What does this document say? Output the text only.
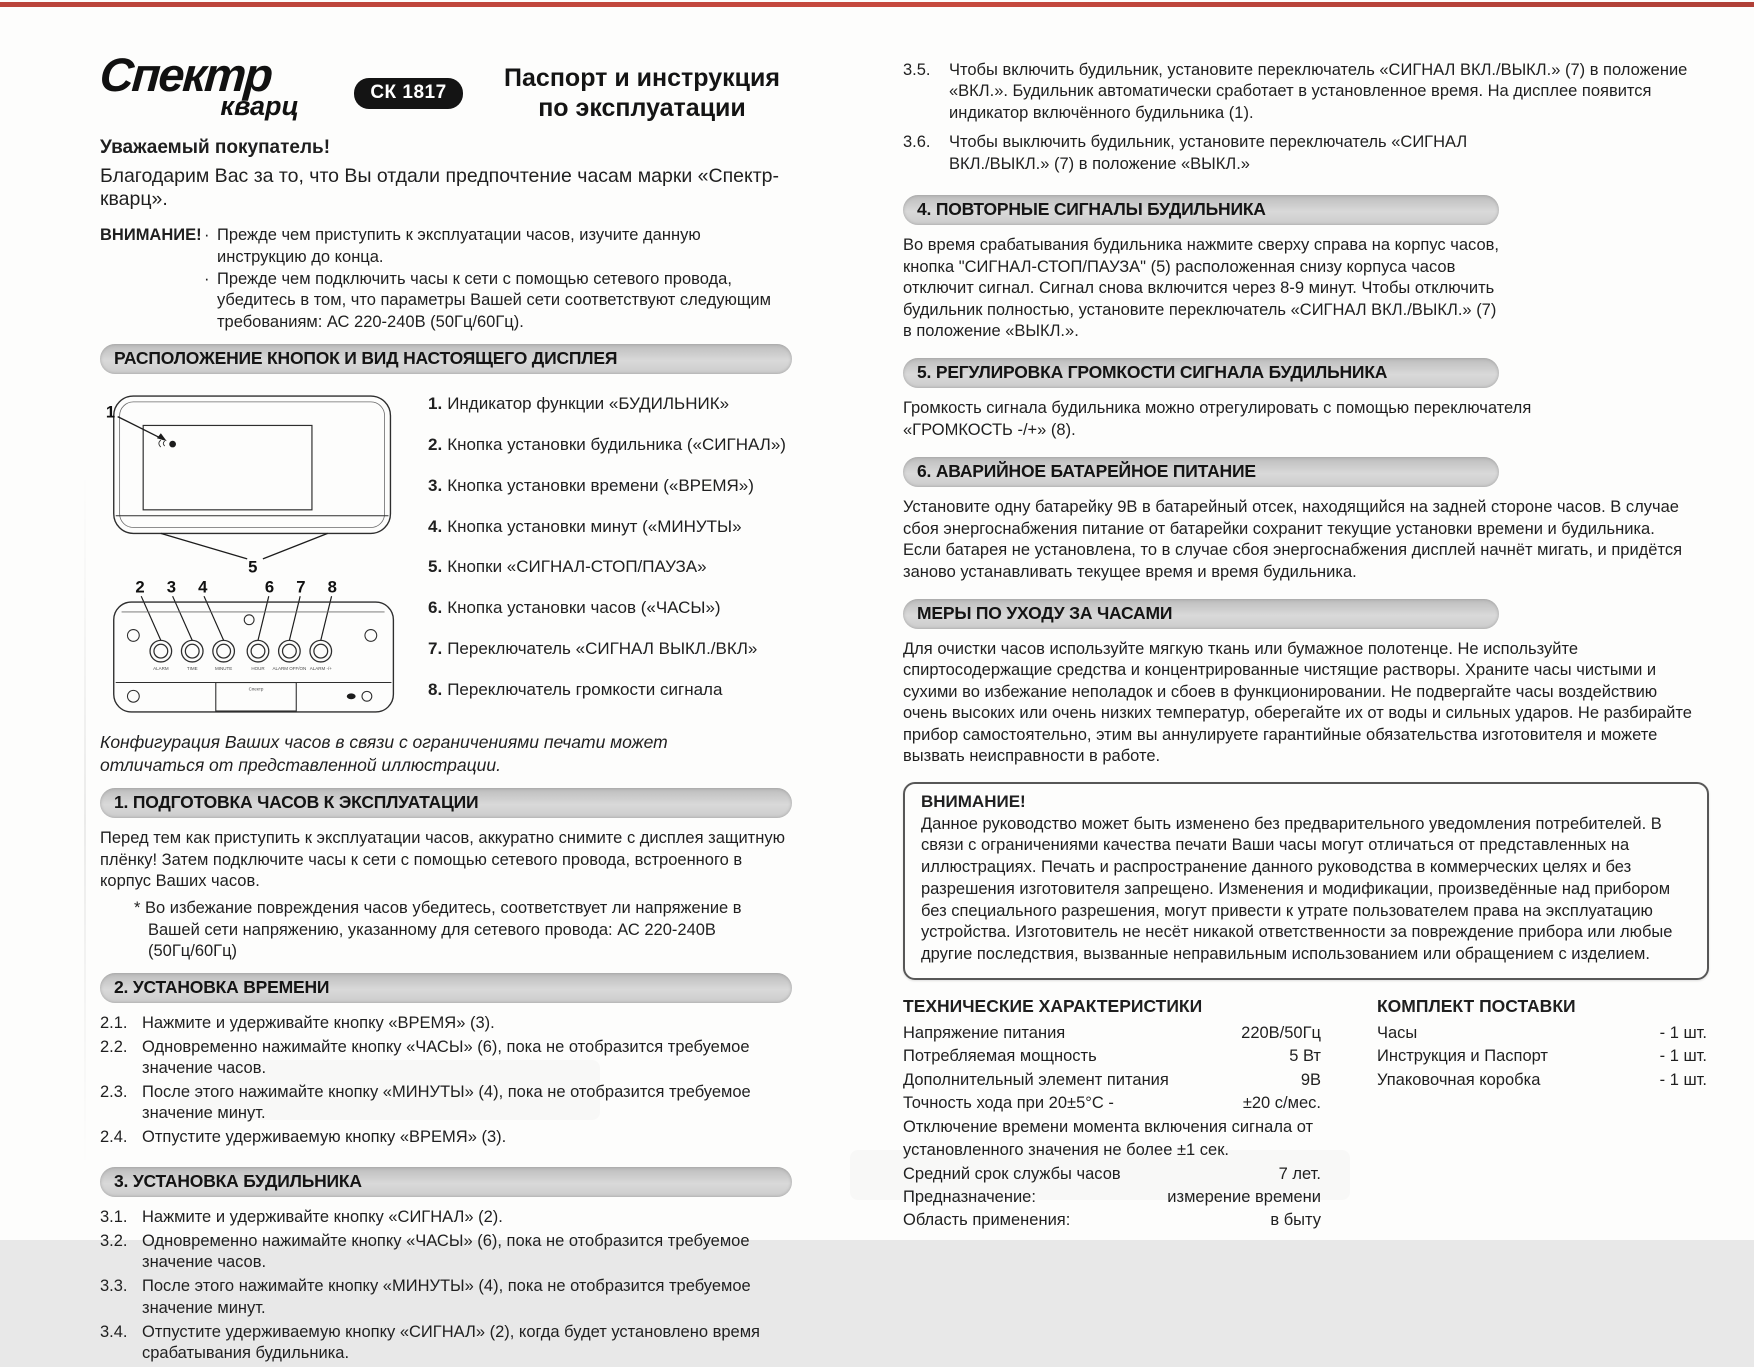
Спектр
кварц	СК 1817
Паспорт и инструкция
по эксплуатации
Уважаемый покупатель!
Благодарим Вас за то, что Вы отдали предпочтение часам марки «Спектр-кварц».
ВНИМАНИЕ! · Прежде чем приступить к эксплуатации часов, изучите данную инструкцию до конца.
· Прежде чем подключить часы к сети с помощью сетевого провода, убедитесь в том, что параметры Вашей сети соответствуют следующим требованиям: АС 220-240В (50Гц/60Гц).
РАСПОЛОЖЕНИЕ КНОПОК И ВИД НАСТОЯЩЕГО ДИСПЛЕЯ
1
5
2 3 4	6 7 8
ALARM	TIME	MINUTE	HOUR ALARM OFF/ON ALARM -/+
Спектр
1. Индикатор функции «БУДИЛЬНИК»
2. Кнопка установки будильника («СИГНАЛ»)
3. Кнопка установки времени («ВРЕМЯ»)
4. Кнопка установки минут («МИНУТЫ»
5. Кнопки «СИГНАЛ-СТОП/ПАУЗА»
6. Кнопка установки часов («ЧАСЫ»)
7. Переключатель «СИГНАЛ ВЫКЛ./ВКЛ»
8. Переключатель громкости сигнала
Конфигурация Ваших часов в связи с ограничениями печати может отличаться от представленной иллюстрации.
1. ПОДГОТОВКА ЧАСОВ К ЭКСПЛУАТАЦИИ
Перед тем как приступить к эксплуатации часов, аккуратно снимите с дисплея защитную плёнку! Затем подключите часы к сети с помощью сетевого провода, встроенного в корпус Ваших часов.
* Во избежание повреждения часов убедитесь, соответствует ли напряжение в Вашей сети напряжению, указанному для сетевого провода: АС 220-240В (50Гц/60Гц)
2. УСТАНОВКА ВРЕМЕНИ
2.1. Нажмите и удерживайте кнопку «ВРЕМЯ» (3).
2.2. Одновременно нажимайте кнопку «ЧАСЫ» (6), пока не отобразится требуемое значение часов.
2.3. После этого нажимайте кнопку «МИНУТЫ» (4), пока не отобразится требуемое значение минут.
2.4. Отпустите удерживаемую кнопку «ВРЕМЯ» (3).
3. УСТАНОВКА БУДИЛЬНИКА
3.1. Нажмите и удерживайте кнопку «СИГНАЛ» (2).
3.2. Одновременно нажимайте кнопку «ЧАСЫ» (6), пока не отобразится требуемое значение часов.
3.3. После этого нажимайте кнопку «МИНУТЫ» (4), пока не отобразится требуемое значение минут.
3.4. Отпустите удерживаемую кнопку «СИГНАЛ» (2), когда будет установлено время срабатывания будильника.
3.5.	Чтобы включить будильник, установите переключатель «СИГНАЛ ВКЛ./ВЫКЛ.» (7) в положение «ВКЛ.». Будильник автоматически сработает в установленное время. На дисплее появится индикатор включённого будильника (1).
3.6.	Чтобы выключить будильник, установите переключатель «СИГНАЛ ВКЛ./ВЫКЛ.» (7) в положение «ВЫКЛ.»
4. ПОВТОРНЫЕ СИГНАЛЫ БУДИЛЬНИКА
Во время срабатывания будильника нажмите сверху справа на корпус часов, кнопка "СИГНАЛ-СТОП/ПАУЗА" (5) расположенная снизу корпуса часов отключит сигнал. Сигнал снова включится через 8-9 минут. Чтобы отключить будильник полностью, установите переключатель «СИГНАЛ ВКЛ./ВЫКЛ.» (7) в положение «ВЫКЛ.».
5. РЕГУЛИРОВКА ГРОМКОСТИ СИГНАЛА БУДИЛЬНИКА
Громкость сигнала будильника можно отрегулировать с помощью переключателя «ГРОМКОСТЬ -/+» (8).
6. АВАРИЙНОЕ БАТАРЕЙНОЕ ПИТАНИЕ
Установите одну батарейку 9В в батарейный отсек, находящийся на задней стороне часов. В случае сбоя энергоснабжения питание от батарейки сохранит текущие установки времени и будильника. Если батарея не установлена, то в случае сбоя энергоснабжения дисплей начнёт мигать, и придётся заново устанавливать текущее время и время будильника.
МЕРЫ ПО УХОДУ ЗА ЧАСАМИ
Для очистки часов используйте мягкую ткань или бумажное полотенце. Не используйте спиртосодержащие средства и концентрированные чистящие растворы. Храните часы чистыми и сухими во избежание неполадок и сбоев в функционировании. Не подвергайте часы воздействию очень высоких или очень низких температур, оберегайте их от воды и сильных ударов. Не разбирайте прибор самостоятельно, этим вы аннулируете гарантийные обязательства изготовителя и можете вызвать неисправности в работе.
ВНИМАНИЕ!
Данное руководство может быть изменено без предварительного уведомления потребителей. В связи с ограничениями качества печати Ваши часы могут отличаться от представленных на иллюстрациях. Печать и распространение данного руководства в коммерческих целях и без разрешения изготовителя запрещено. Изменения и модификации, произведённые над прибором без специального разрешения, могут привести к утрате пользователем права на эксплуатацию устройства. Изготовитель не несёт никакой ответственности за повреждение прибора или любые другие последствия, вызванные неправильным использованием или обращением с изделием.
ТЕХНИЧЕСКИЕ ХАРАКТЕРИСТИКИ
Напряжение питания	220В/50Гц
Потребляемая мощность	5 Вт
Дополнительный элемент питания	9В
Точность хода при 20±5°С -	±20 с/мес.
Отключение времени момента включения сигнала от установленного значения не более ±1 сек.
Средний срок службы часов	7 лет.
Предназначение:	измерение времени
Область применения:	в быту
КОМПЛЕКТ ПОСТАВКИ
Часы	- 1 шт.
Инструкция и Паспорт	- 1 шт.
Упаковочная коробка	- 1 шт.
